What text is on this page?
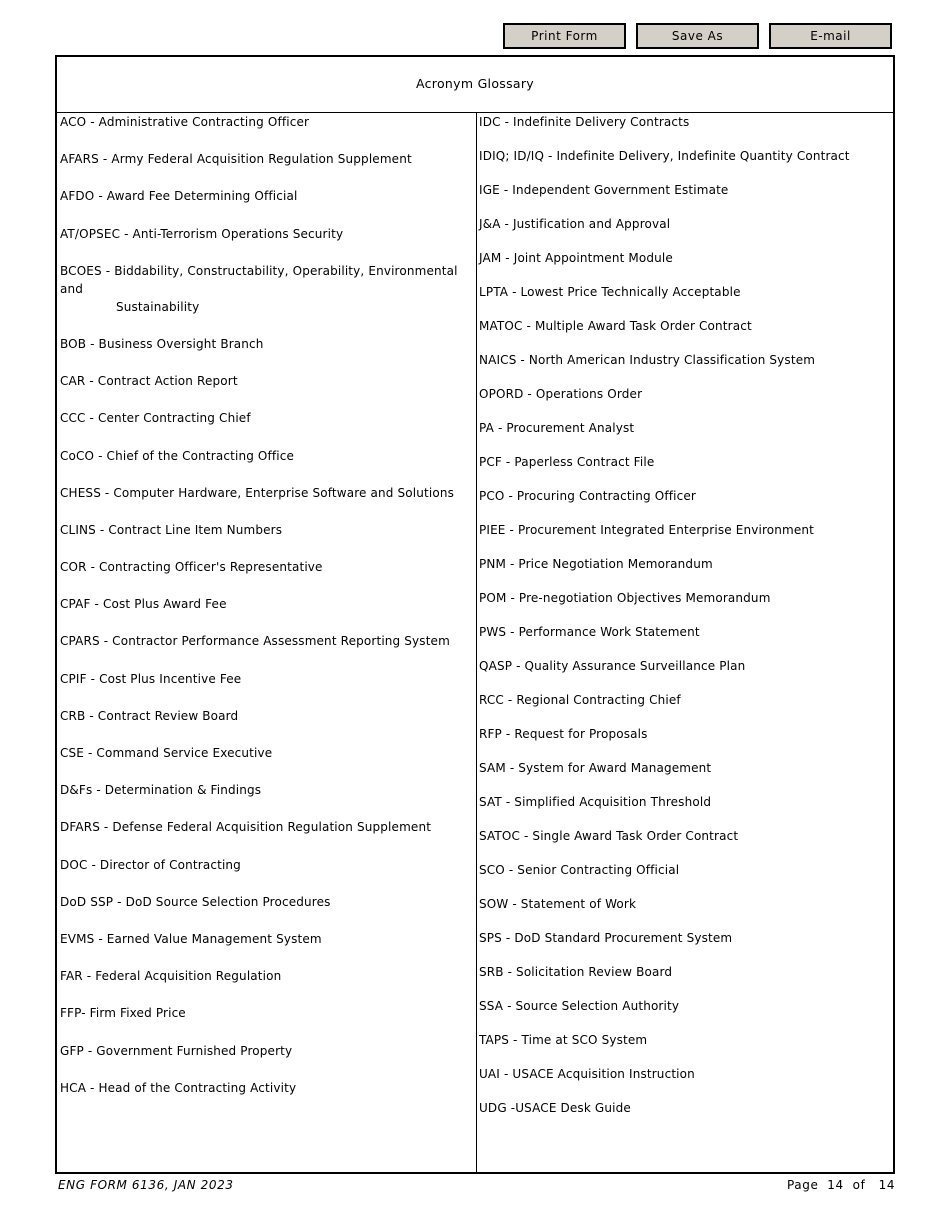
Print Form	Save As	E-mail
Acronym Glossary

ACO - Administrative Contracting Officer

AFARS - Army Federal Acquisition Regulation Supplement

AFDO - Award Fee Determining Official

AT/OPSEC - Anti-Terrorism Operations Security

BCOES - Biddability, Constructability, Operability, Environmental and
Sustainability

BOB - Business Oversight Branch

CAR - Contract Action Report

CCC - Center Contracting Chief

CoCO - Chief of the Contracting Office

CHESS - Computer Hardware, Enterprise Software and Solutions

CLINS - Contract Line Item Numbers

COR - Contracting Officer's Representative

CPAF - Cost Plus Award Fee

CPARS - Contractor Performance Assessment Reporting System

CPIF - Cost Plus Incentive Fee

CRB - Contract Review Board

CSE - Command Service Executive

D&Fs - Determination & Findings

DFARS - Defense Federal Acquisition Regulation Supplement

DOC - Director of Contracting

DoD SSP - DoD Source Selection Procedures

EVMS - Earned Value Management System

FAR - Federal Acquisition Regulation

FFP- Firm Fixed Price

GFP - Government Furnished Property

HCA - Head of the Contracting Activity

IDC - Indefinite Delivery Contracts

IDIQ; ID/IQ - Indefinite Delivery, Indefinite Quantity Contract

IGE - Independent Government Estimate

J&A - Justification and Approval

JAM - Joint Appointment Module

LPTA - Lowest Price Technically Acceptable

MATOC - Multiple Award Task Order Contract

NAICS - North American Industry Classification System

OPORD - Operations Order

PA - Procurement Analyst

PCF - Paperless Contract File

PCO - Procuring Contracting Officer

PIEE - Procurement Integrated Enterprise Environment

PNM - Price Negotiation Memorandum

POM - Pre-negotiation Objectives Memorandum

PWS - Performance Work Statement

QASP - Quality Assurance Surveillance Plan

RCC - Regional Contracting Chief

RFP - Request for Proposals

SAM - System for Award Management

SAT - Simplified Acquisition Threshold

SATOC - Single Award Task Order Contract

SCO - Senior Contracting Official

SOW - Statement of Work

SPS - DoD Standard Procurement System

SRB - Solicitation Review Board

SSA - Source Selection Authority

TAPS - Time at SCO System

UAI - USACE Acquisition Instruction

UDG -USACE Desk Guide

ENG FORM 6136, JAN 2023	Page 14 of 14
